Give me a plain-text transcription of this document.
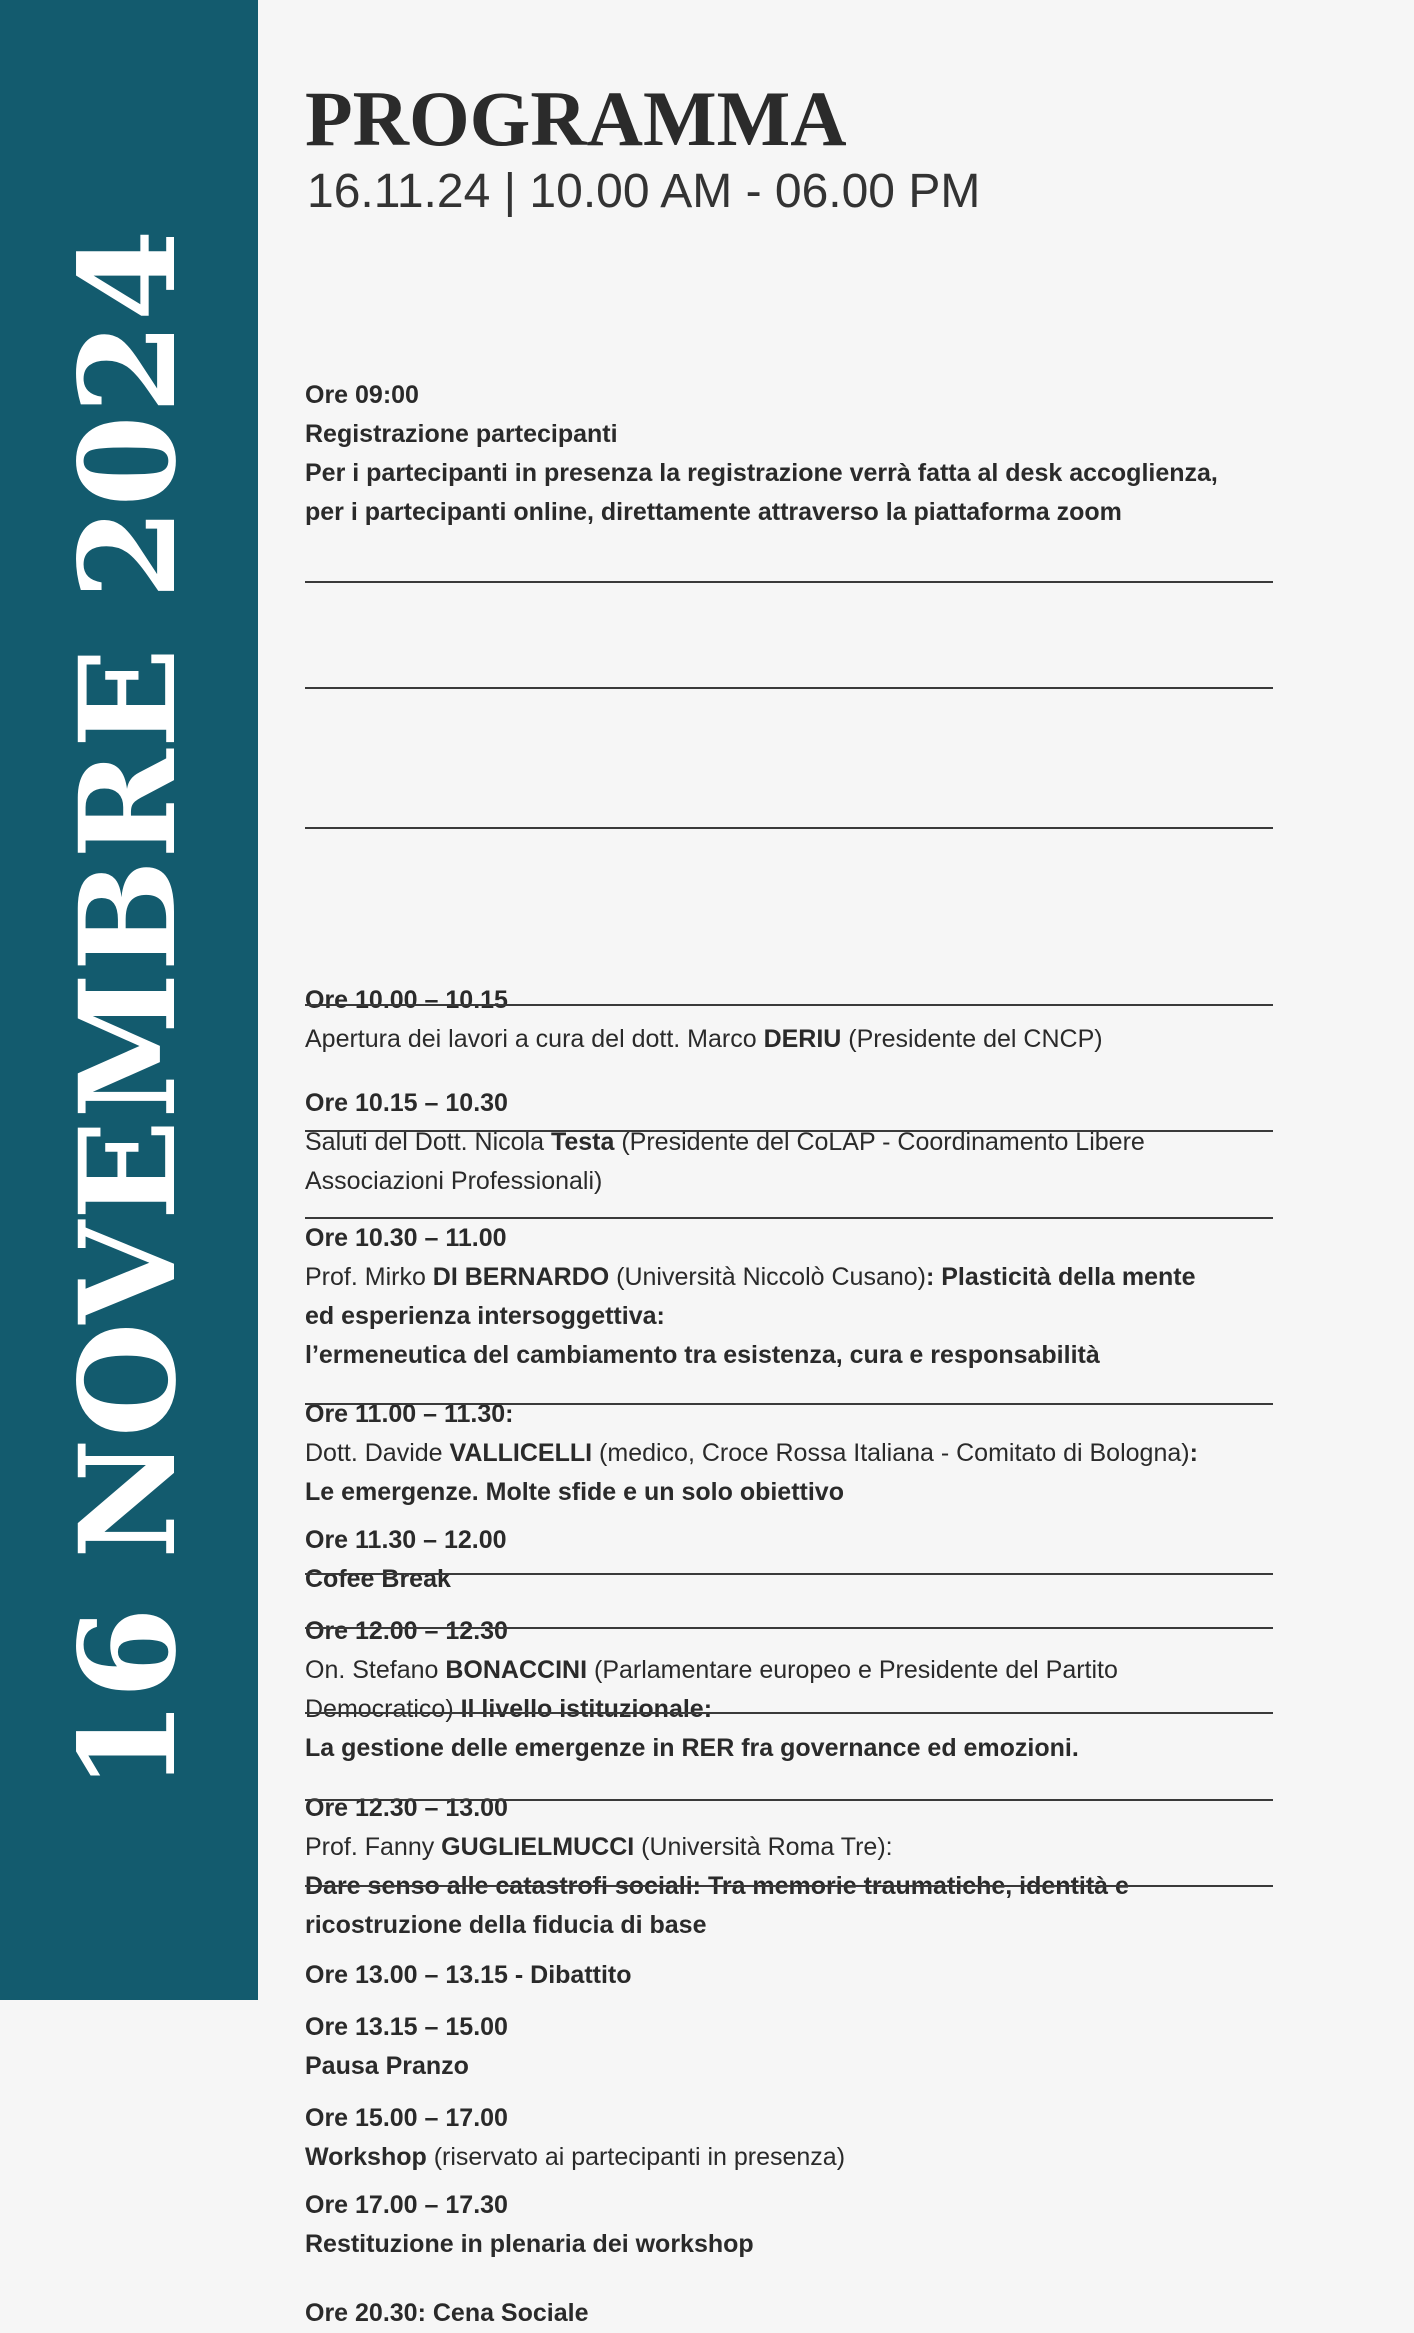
16 NOVEMBRE 2024
PROGRAMMA
16.11.24 | 10.00 AM - 06.00 PM
Ore 09:00
Registrazione partecipanti
Per i partecipanti in presenza la registrazione verrà fatta al desk accoglienza,
per i partecipanti online, direttamente attraverso la piattaforma zoom
Ore 10.00 – 10.15
Apertura dei lavori a cura del dott. Marco DERIU (Presidente del CNCP)
Ore 10.15 – 10.30
Saluti del Dott. Nicola Testa (Presidente del CoLAP - Coordinamento Libere
Associazioni Professionali)
Ore 10.30 – 11.00
Prof. Mirko DI BERNARDO (Università Niccolò Cusano): Plasticità della mente
ed esperienza intersoggettiva:
l’ermeneutica del cambiamento tra esistenza, cura e responsabilità
Ore 11.00 – 11.30:
Dott. Davide VALLICELLI (medico, Croce Rossa Italiana - Comitato di Bologna):
Le emergenze. Molte sfide e un solo obiettivo
Ore 11.30 – 12.00
Cofee Break
Ore 12.00 – 12.30
On. Stefano BONACCINI (Parlamentare europeo e Presidente del Partito
Democratico) Il livello istituzionale:
La gestione delle emergenze in RER fra governance ed emozioni.
Ore 12.30 – 13.00
Prof. Fanny GUGLIELMUCCI (Università Roma Tre):
Dare senso alle catastrofi sociali: Tra memorie traumatiche, identità e
ricostruzione della fiducia di base
Ore 13.00 – 13.15 - Dibattito
Ore 13.15 – 15.00
Pausa Pranzo
Ore 15.00 – 17.00
Workshop (riservato ai partecipanti in presenza)
Ore 17.00 – 17.30
Restituzione in plenaria dei workshop
Ore 20.30: Cena Sociale
